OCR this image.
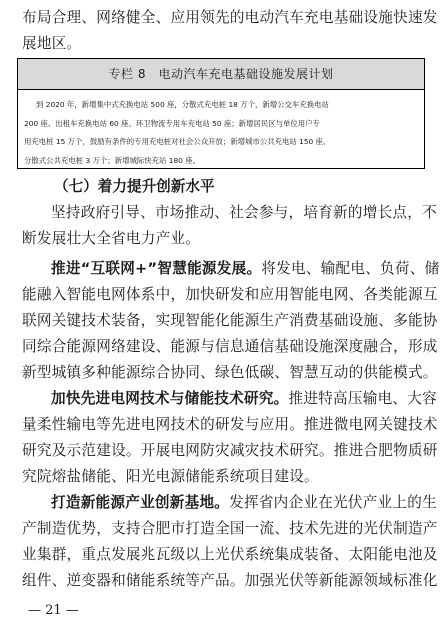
布局合理、网络健全、应用领先的电动汽车充电基础设施快速发
展地区。
专栏 8　电动汽车充电基础设施发展计划
到 2020 年，新增集中式充换电站 500 座，分散式充电桩 18 万个，新增公交车充换电站
200 座、出租车充换电站 60 座、环卫物流专用车充电站 50 座；新增居民区与单位用户专
用充电桩 15 万个，鼓励有条件的专用充电桩对社会公众开放；新增城市公共充电站 150 座、
分散式公共充电桩 3 万个；新增城际快充站 180 座。
（七）着力提升创新水平
坚持政府引导、市场推动、社会参与，培育新的增长点，不
断发展壮大全省电力产业。
推进“互联网+”智慧能源发展。将发电、输配电、负荷、储
能融入智能电网体系中，加快研发和应用智能电网、各类能源互
联网关键技术装备，实现智能化能源生产消费基础设施、多能协
同综合能源网络建设、能源与信息通信基础设施深度融合，形成
新型城镇多种能源综合协同、绿色低碳、智慧互动的供能模式。
加快先进电网技术与储能技术研究。推进特高压输电、大容
量柔性输电等先进电网技术的研发与应用。推进微电网关键技术
研究及示范建设。开展电网防灾减灾技术研究。推进合肥物质研
究院熔盐储能、阳光电源储能系统项目建设。
打造新能源产业创新基地。发挥省内企业在光伏产业上的生
产制造优势，支持合肥市打造全国一流、技术先进的光伏制造产
业集群，重点发展兆瓦级以上光伏系统集成装备、太阳能电池及
组件、逆变器和储能系统等产品。加强光伏等新能源领域标准化
— 21 —
